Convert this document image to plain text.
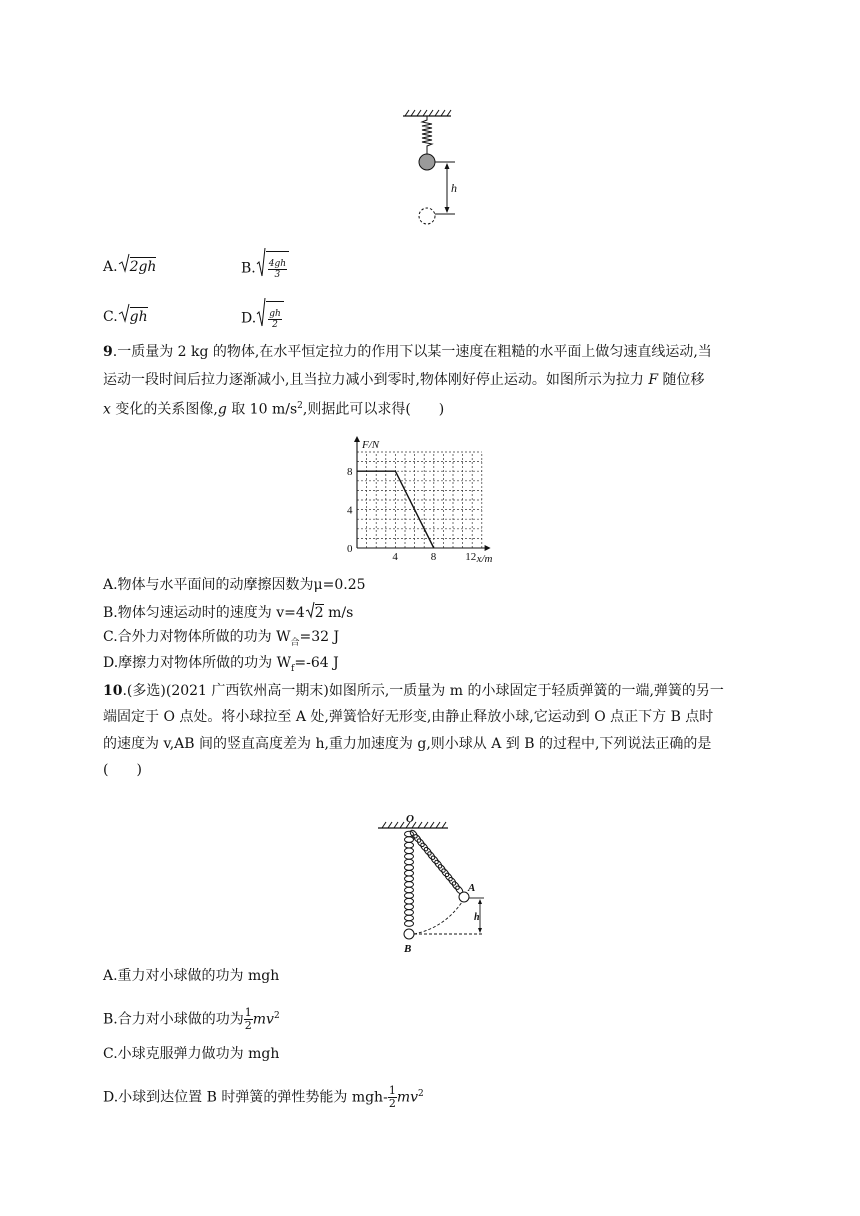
h
A. 2gh	B. $\frac{4gh}{3}$
C. gh	D. $\frac{gh}{2}$
9.一质量为 2 kg 的物体,在水平恒定拉力的作用下以某一速度在粗糙的水平面上做匀速直线运动,当
运动一段时间后拉力逐渐减小,且当拉力减小到零时,物体刚好停止运动。如图所示为拉力 F 随位移
x 变化的关系图像,g 取 10 $m/s^2$,则据此可以求得(　　)
4	8	12
0
4
8
F/N
x/m
A.物体与水平面间的动摩擦因数为μ=0.25
B.物体匀速运动时的速度为 v=4 2 m/s
C.合外力对物体所做的功为 $W_合=32$ J
D.摩擦力对物体所做的功为 $W_f=-64$ J
10.(多选)(2021 广西钦州高一期末)如图所示,一质量为 m 的小球固定于轻质弹簧的一端,弹簧的另一
端固定于 O 点处。将小球拉至 A 处,弹簧恰好无形变,由静止释放小球,它运动到 O 点正下方 B 点时
的速度为 v,AB 间的竖直高度差为 h,重力加速度为 g,则小球从 A 到 B 的过程中,下列说法正确的是
(　　)
O
h
A
B
A.重力对小球做的功为 mgh
B.合力对小球做的功为 $\frac{1}{2} mv^2$
C.小球克服弹力做功为 mgh
D.小球到达位置 B 时弹簧的弹性势能为 $mgh- \frac{1}{2} mv^2$
